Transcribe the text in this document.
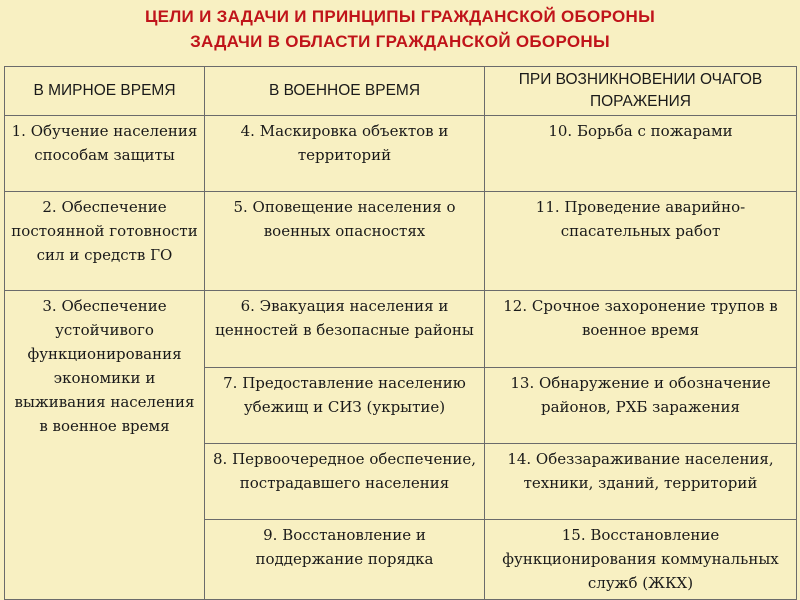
ЦЕЛИ И ЗАДАЧИ И ПРИНЦИПЫ ГРАЖДАНСКОЙ ОБОРОНЫ
ЗАДАЧИ В ОБЛАСТИ ГРАЖДАНСКОЙ ОБОРОНЫ
В МИРНОЕ ВРЕМЯ	В ВОЕННОЕ ВРЕМЯ	ПРИ ВОЗНИКНОВЕНИИ ОЧАГОВ ПОРАЖЕНИЯ
1. Обучение населения способам защиты	4. Маскировка объектов и территорий	10. Борьба с пожарами
2. Обеспечение постоянной готовности сил и средств ГО	5. Оповещение населения о военных опасностях	11. Проведение аварийно-спасательных работ
3. Обеспечение устойчивого функционирования экономики и выживания населения в военное время	6. Эвакуация населения и ценностей в безопасные районы	12. Срочное захоронение трупов в военное время
	7. Предоставление населению убежищ и СИЗ (укрытие)	13. Обнаружение и обозначение районов, РХБ заражения
	8. Первоочередное обеспечение, пострадавшего населения	14. Обеззараживание населения, техники, зданий, территорий
	9. Восстановление и поддержание порядка	15. Восстановление функционирования коммунальных служб (ЖКХ)
